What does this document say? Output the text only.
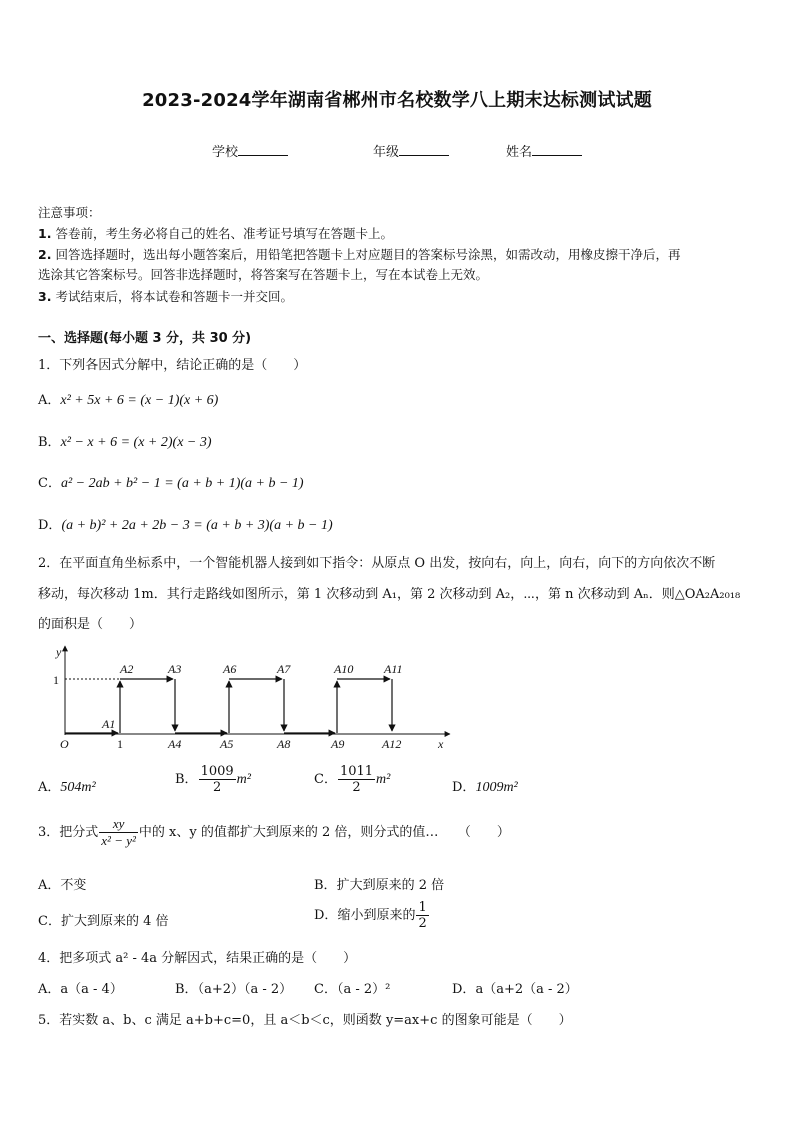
2023-2024学年湖南省郴州市名校数学八上期末达标测试试题
学校	年级	姓名
注意事项：
1. 答卷前，考生务必将自己的姓名、准考证号填写在答题卡上。
2. 回答选择题时，选出每小题答案后，用铅笔把答题卡上对应题目的答案标号涂黑，如需改动，用橡皮擦干净后，再
选涂其它答案标号。回答非选择题时，将答案写在答题卡上，写在本试卷上无效。
3. 考试结束后，将本试卷和答题卡一并交回。
一、选择题(每小题 3 分，共 30 分)
1．下列各因式分解中，结论正确的是（　　）
A．x² + 5x + 6 = (x − 1)(x + 6)
B．x² − x + 6 = (x + 2)(x − 3)
C．a² − 2ab + b² − 1 = (a + b + 1)(a + b − 1)
D．(a + b)² + 2a + 2b − 3 = (a + b + 3)(a + b − 1)
2．在平面直角坐标系中，一个智能机器人接到如下指令：从原点 O 出发，按向右，向上，向右，向下的方向依次不断
移动，每次移动 1m．其行走路线如图所示，第 1 次移动到 A₁，第 2 次移动到 A₂，⋯，第 n 次移动到 Aₙ．则△OA₂A₂₀₁₈
的面积是（　　）
y
x
O
1
1
A1
A2	A3
A4	A5
A6	A7
A8	A9
A10	A11
A12
A．504m²
B． $\frac{1009}{2} m^2$	C． $\frac{1011}{2} m^2$
D．1009m²
3．把分式 $\frac{xy}{\text{x² − y²}}$ 中的 x、y 的值都扩大到原来的 2 倍，则分式的值…　　（　　）
A．不变	B．扩大到原来的 2 倍
C．扩大到原来的 4 倍	D．缩小到原来的 $\frac{1}{2}$
4．把多项式 a² - 4a 分解因式，结果正确的是（　　）
A．a（a - 4）	B．（a+2）（a - 2） C．（a - 2）²	D．a（a+2（a - 2）
5．若实数 a、b、c 满足 a+b+c=0，且 a＜b＜c，则函数 y=ax+c 的图象可能是（　　）
